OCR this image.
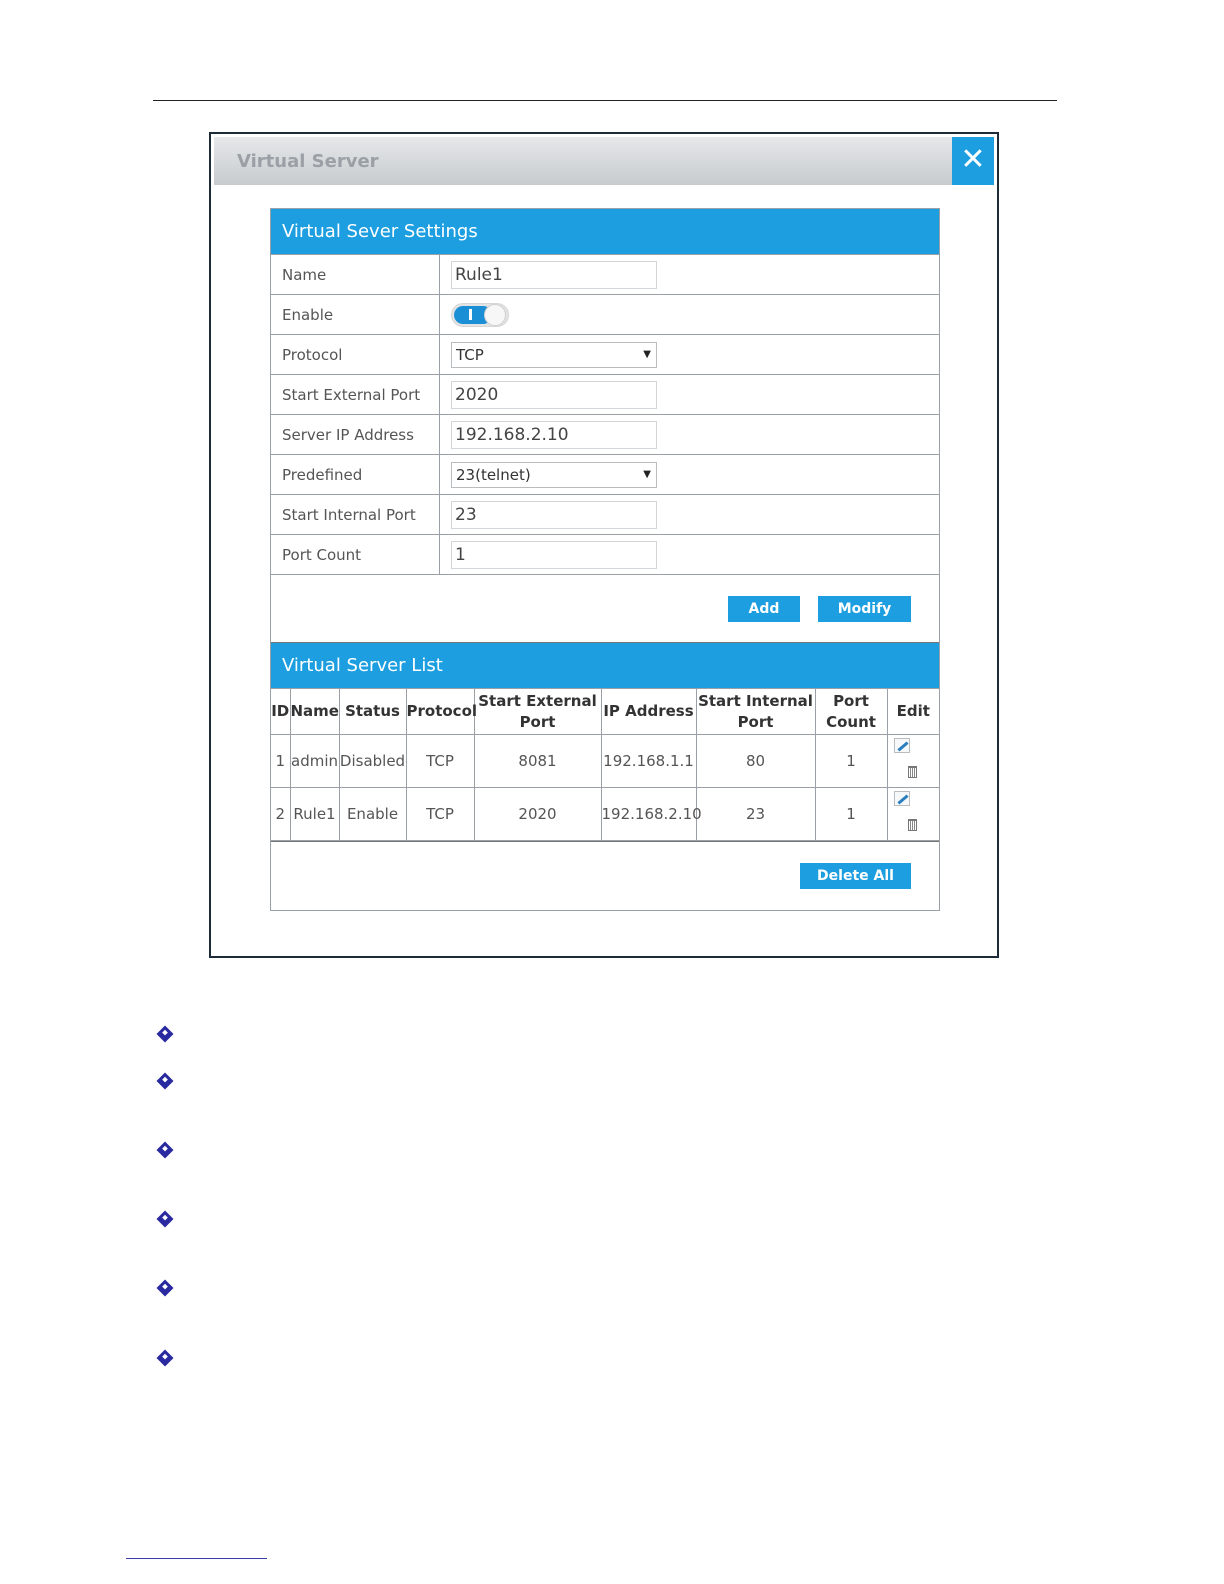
Virtual Server	✕
Virtual Sever Settings
Name	Rule1
Enable	

Protocol	TCP ▼

Start External Port	2020
Server IP Address	192.168.2.10
Predefined	23(telnet) ▼

Start Internal Port	23
Port Count	1
Add	Modify
Virtual Server List
ID	Name	Status	Protocol	Start External Port	IP Address	Start Internal Port	Port Count	Edit
1	admin	Disabled	TCP	8081	192.168.1.1	80	1	

2	Rule1	Enable	TCP	2020	192.168.2.10	23	1	
Delete All
